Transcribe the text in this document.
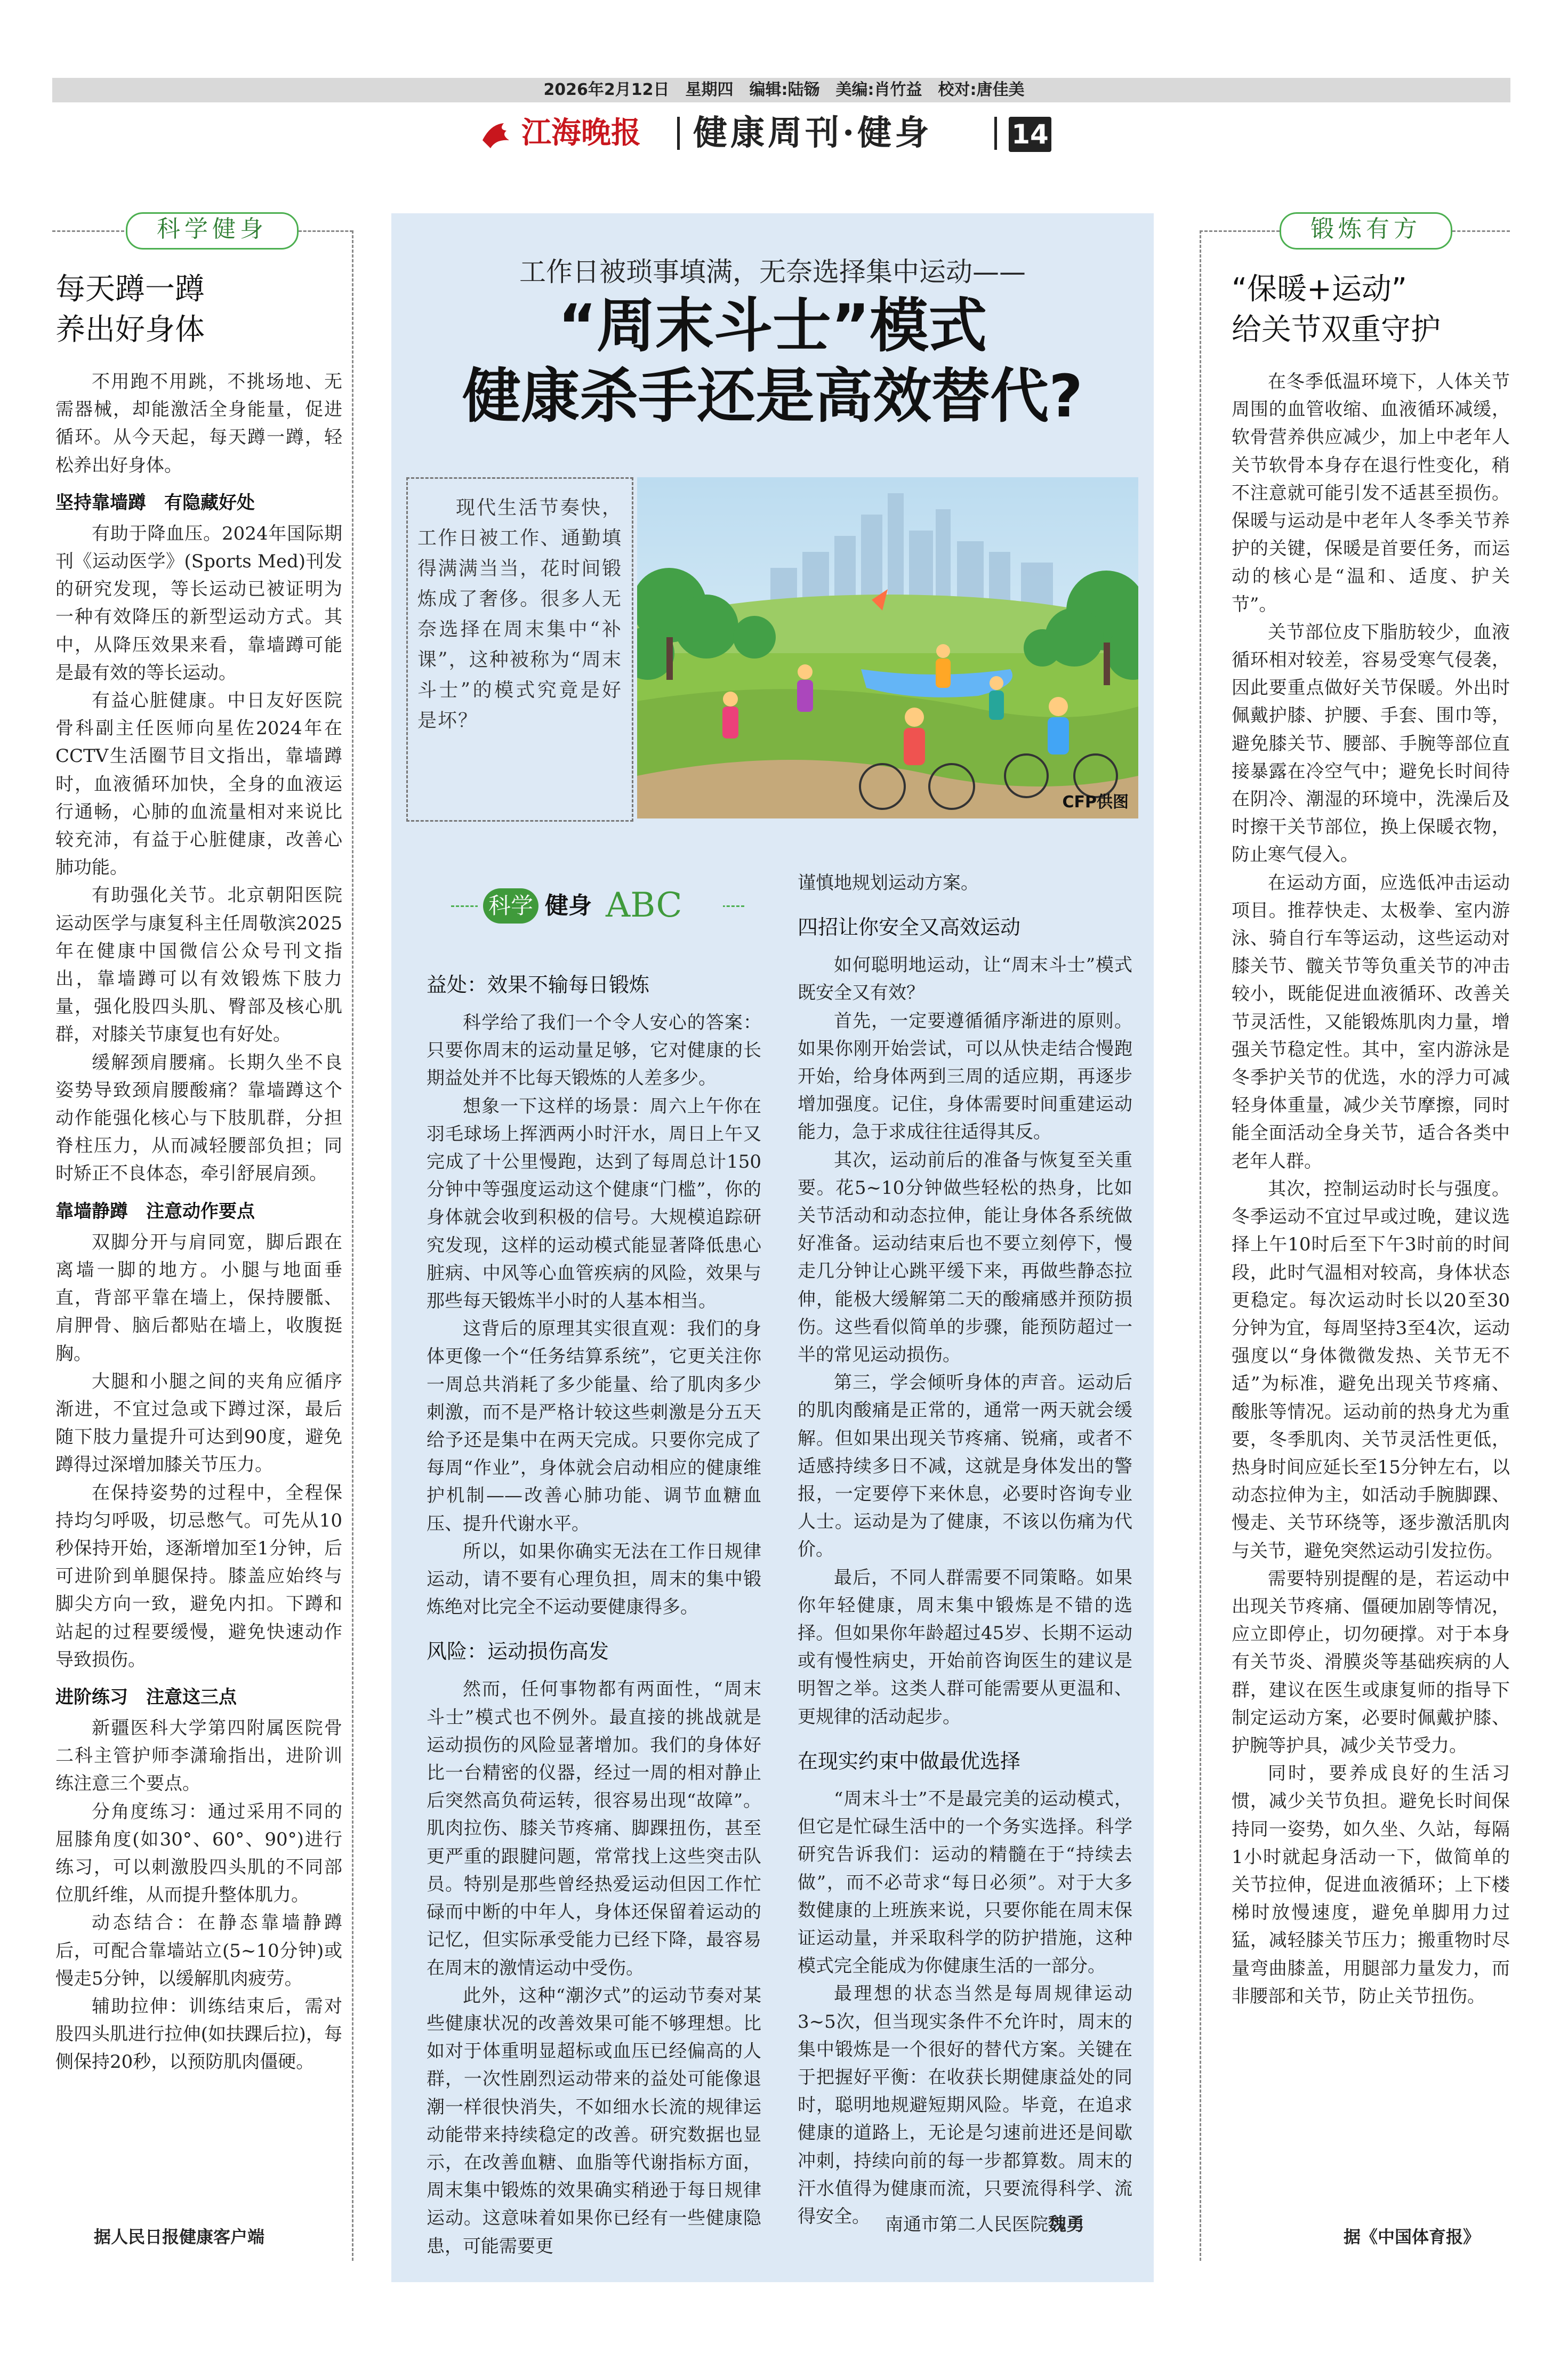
2026年2月12日　星期四　编辑:陆铴　美编:肖竹益　校对:唐佳美
江海晚报 健康周刊·健身	14
科学健身
每天蹲一蹲
养出好身体

不用跑不用跳，不挑场地、无需器械，却能激活全身能量，促进循环。从今天起，每天蹲一蹲，轻松养出好身体。

坚持靠墙蹲　有隐藏好处

有助于降血压。2024年国际期刊《运动医学》(Sports Med)刊发的研究发现，等长运动已被证明为一种有效降压的新型运动方式。其中，从降压效果来看，靠墙蹲可能是最有效的等长运动。

有益心脏健康。中日友好医院骨科副主任医师向星佐2024年在CCTV生活圈节目文指出，靠墙蹲时，血液循环加快，全身的血液运行通畅，心肺的血流量相对来说比较充沛，有益于心脏健康，改善心肺功能。

有助强化关节。北京朝阳医院运动医学与康复科主任周敬滨2025年在健康中国微信公众号刊文指出，靠墙蹲可以有效锻炼下肢力量，强化股四头肌、臀部及核心肌群，对膝关节康复也有好处。

缓解颈肩腰痛。长期久坐不良姿势导致颈肩腰酸痛？靠墙蹲这个动作能强化核心与下肢肌群，分担脊柱压力，从而减轻腰部负担；同时矫正不良体态，牵引舒展肩颈。

靠墙静蹲　注意动作要点

双脚分开与肩同宽，脚后跟在离墙一脚的地方。小腿与地面垂直，背部平靠在墙上，保持腰骶、肩胛骨、脑后都贴在墙上，收腹挺胸。

大腿和小腿之间的夹角应循序渐进，不宜过急或下蹲过深，最后随下肢力量提升可达到90度，避免蹲得过深增加膝关节压力。

在保持姿势的过程中，全程保持均匀呼吸，切忌憋气。可先从10秒保持开始，逐渐增加至1分钟，后可进阶到单腿保持。膝盖应始终与脚尖方向一致，避免内扣。下蹲和站起的过程要缓慢，避免快速动作导致损伤。

进阶练习　注意这三点

新疆医科大学第四附属医院骨二科主管护师李潇瑜指出，进阶训练注意三个要点。

分角度练习：通过采用不同的屈膝角度(如30°、60°、90°)进行练习，可以刺激股四头肌的不同部位肌纤维，从而提升整体肌力。

动态结合：在静态靠墙静蹲后，可配合靠墙站立(5~10分钟)或慢走5分钟，以缓解肌肉疲劳。

辅助拉伸：训练结束后，需对股四头肌进行拉伸(如扶踝后拉)，每侧保持20秒，以预防肌肉僵硬。

据人民日报健康客户端
工作日被琐事填满，无奈选择集中运动——
“周末斗士”模式
健康杀手还是高效替代?

现代生活节奏快，工作日被工作、通勤填得满满当当，花时间锻炼成了奢侈。很多人无奈选择在周末集中“补课”，这种被称为“周末斗士”的模式究竟是好是坏？

CFP供图
科学 健身 ABC
益处：效果不输每日锻炼

科学给了我们一个令人安心的答案：只要你周末的运动量足够，它对健康的长期益处并不比每天锻炼的人差多少。

想象一下这样的场景：周六上午你在羽毛球场上挥洒两小时汗水，周日上午又完成了十公里慢跑，达到了每周总计150分钟中等强度运动这个健康“门槛”，你的身体就会收到积极的信号。大规模追踪研究发现，这样的运动模式能显著降低患心脏病、中风等心血管疾病的风险，效果与那些每天锻炼半小时的人基本相当。

这背后的原理其实很直观：我们的身体更像一个“任务结算系统”，它更关注你一周总共消耗了多少能量、给了肌肉多少刺激，而不是严格计较这些刺激是分五天给予还是集中在两天完成。只要你完成了每周“作业”，身体就会启动相应的健康维护机制——改善心肺功能、调节血糖血压、提升代谢水平。

所以，如果你确实无法在工作日规律运动，请不要有心理负担，周末的集中锻炼绝对比完全不运动要健康得多。

风险：运动损伤高发

然而，任何事物都有两面性，“周末斗士”模式也不例外。最直接的挑战就是运动损伤的风险显著增加。我们的身体好比一台精密的仪器，经过一周的相对静止后突然高负荷运转，很容易出现“故障”。肌肉拉伤、膝关节疼痛、脚踝扭伤，甚至更严重的跟腱问题，常常找上这些突击队员。特别是那些曾经热爱运动但因工作忙碌而中断的中年人，身体还保留着运动的记忆，但实际承受能力已经下降，最容易在周末的激情运动中受伤。

此外，这种“潮汐式”的运动节奏对某些健康状况的改善效果可能不够理想。比如对于体重明显超标或血压已经偏高的人群，一次性剧烈运动带来的益处可能像退潮一样很快消失，不如细水长流的规律运动能带来持续稳定的改善。研究数据也显示，在改善血糖、血脂等代谢指标方面，周末集中锻炼的效果确实稍逊于每日规律运动。这意味着如果你已经有一些健康隐患，可能需要更

谨慎地规划运动方案。

四招让你安全又高效运动

如何聪明地运动，让“周末斗士”模式既安全又有效？

首先，一定要遵循循序渐进的原则。如果你刚开始尝试，可以从快走结合慢跑开始，给身体两到三周的适应期，再逐步增加强度。记住，身体需要时间重建运动能力，急于求成往往适得其反。

其次，运动前后的准备与恢复至关重要。花5~10分钟做些轻松的热身，比如关节活动和动态拉伸，能让身体各系统做好准备。运动结束后也不要立刻停下，慢走几分钟让心跳平缓下来，再做些静态拉伸，能极大缓解第二天的酸痛感并预防损伤。这些看似简单的步骤，能预防超过一半的常见运动损伤。

第三，学会倾听身体的声音。运动后的肌肉酸痛是正常的，通常一两天就会缓解。但如果出现关节疼痛、锐痛，或者不适感持续多日不减，这就是身体发出的警报，一定要停下来休息，必要时咨询专业人士。运动是为了健康，不该以伤痛为代价。

最后，不同人群需要不同策略。如果你年轻健康，周末集中锻炼是不错的选择。但如果你年龄超过45岁、长期不运动或有慢性病史，开始前咨询医生的建议是明智之举。这类人群可能需要从更温和、更规律的活动起步。

在现实约束中做最优选择

“周末斗士”不是最完美的运动模式，但它是忙碌生活中的一个务实选择。科学研究告诉我们：运动的精髓在于“持续去做”，而不必苛求“每日必须”。对于大多数健康的上班族来说，只要你能在周末保证运动量，并采取科学的防护措施，这种模式完全能成为你健康生活的一部分。

最理想的状态当然是每周规律运动3~5次，但当现实条件不允许时，周末的集中锻炼是一个很好的替代方案。关键在于把握好平衡：在收获长期健康益处的同时，聪明地规避短期风险。毕竟，在追求健康的道路上，无论是匀速前进还是间歇冲刺，持续向前的每一步都算数。周末的汗水值得为健康而流，只要流得科学、流得安全。 南通市第二人民医院魏勇
锻炼有方
“保暖+运动”
给关节双重守护

在冬季低温环境下，人体关节周围的血管收缩、血液循环减缓，软骨营养供应减少，加上中老年人关节软骨本身存在退行性变化，稍不注意就可能引发不适甚至损伤。保暖与运动是中老年人冬季关节养护的关键，保暖是首要任务，而运动的核心是“温和、适度、护关节”。

关节部位皮下脂肪较少，血液循环相对较差，容易受寒气侵袭，因此要重点做好关节保暖。外出时佩戴护膝、护腰、手套、围巾等，避免膝关节、腰部、手腕等部位直接暴露在冷空气中；避免长时间待在阴冷、潮湿的环境中，洗澡后及时擦干关节部位，换上保暖衣物，防止寒气侵入。

在运动方面，应选低冲击运动项目。推荐快走、太极拳、室内游泳、骑自行车等运动，这些运动对膝关节、髋关节等负重关节的冲击较小，既能促进血液循环、改善关节灵活性，又能锻炼肌肉力量，增强关节稳定性。其中，室内游泳是冬季护关节的优选，水的浮力可减轻身体重量，减少关节摩擦，同时能全面活动全身关节，适合各类中老年人群。

其次，控制运动时长与强度。冬季运动不宜过早或过晚，建议选择上午10时后至下午3时前的时间段，此时气温相对较高，身体状态更稳定。每次运动时长以20至30分钟为宜，每周坚持3至4次，运动强度以“身体微微发热、关节无不适”为标准，避免出现关节疼痛、酸胀等情况。运动前的热身尤为重要，冬季肌肉、关节灵活性更低，热身时间应延长至15分钟左右，以动态拉伸为主，如活动手腕脚踝、慢走、关节环绕等，逐步激活肌肉与关节，避免突然运动引发拉伤。

需要特别提醒的是，若运动中出现关节疼痛、僵硬加剧等情况，应立即停止，切勿硬撑。对于本身有关节炎、滑膜炎等基础疾病的人群，建议在医生或康复师的指导下制定运动方案，必要时佩戴护膝、护腕等护具，减少关节受力。

同时，要养成良好的生活习惯，减少关节负担。避免长时间保持同一姿势，如久坐、久站，每隔1小时就起身活动一下，做简单的关节拉伸，促进血液循环；上下楼梯时放慢速度，避免单脚用力过猛，减轻膝关节压力；搬重物时尽量弯曲膝盖，用腿部力量发力，而非腰部和关节，防止关节扭伤。

据《中国体育报》
